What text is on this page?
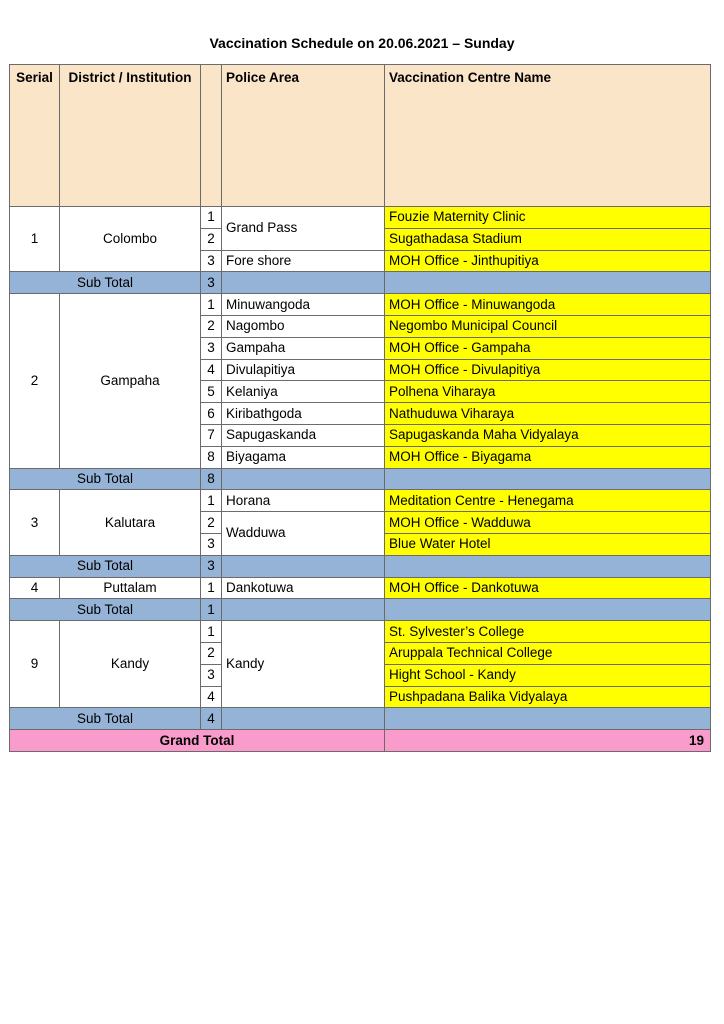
Vaccination Schedule on 20.06.2021 – Sunday
Serial	District / Institution		Police Area	Vaccination Centre Name
1	Colombo	1	Grand Pass	Fouzie Maternity Clinic
		2		Sugathadasa Stadium
		3	Fore shore	MOH Office - Jinthupitiya
Sub Total		3		
2	Gampaha	1	Minuwangoda	MOH Office - Minuwangoda
		2	Nagombo	Negombo Municipal Council
		3	Gampaha	MOH Office - Gampaha
		4	Divulapitiya	MOH Office - Divulapitiya
		5	Kelaniya	Polhena Viharaya
		6	Kiribathgoda	Nathuduwa Viharaya
		7	Sapugaskanda	Sapugaskanda Maha Vidyalaya
		8	Biyagama	MOH Office - Biyagama
Sub Total		8		
3	Kalutara	1	Horana	Meditation Centre - Henegama
		2	Wadduwa	MOH Office - Wadduwa
		3		Blue Water Hotel
Sub Total		3		
4	Puttalam	1	Dankotuwa	MOH Office - Dankotuwa
Sub Total		1		
9	Kandy	1	Kandy	St. Sylvester’s College
		2		Aruppala Technical College
		3		Hight School - Kandy
		4		Pushpadana Balika Vidyalaya
Sub Total		4		
Grand Total				19
